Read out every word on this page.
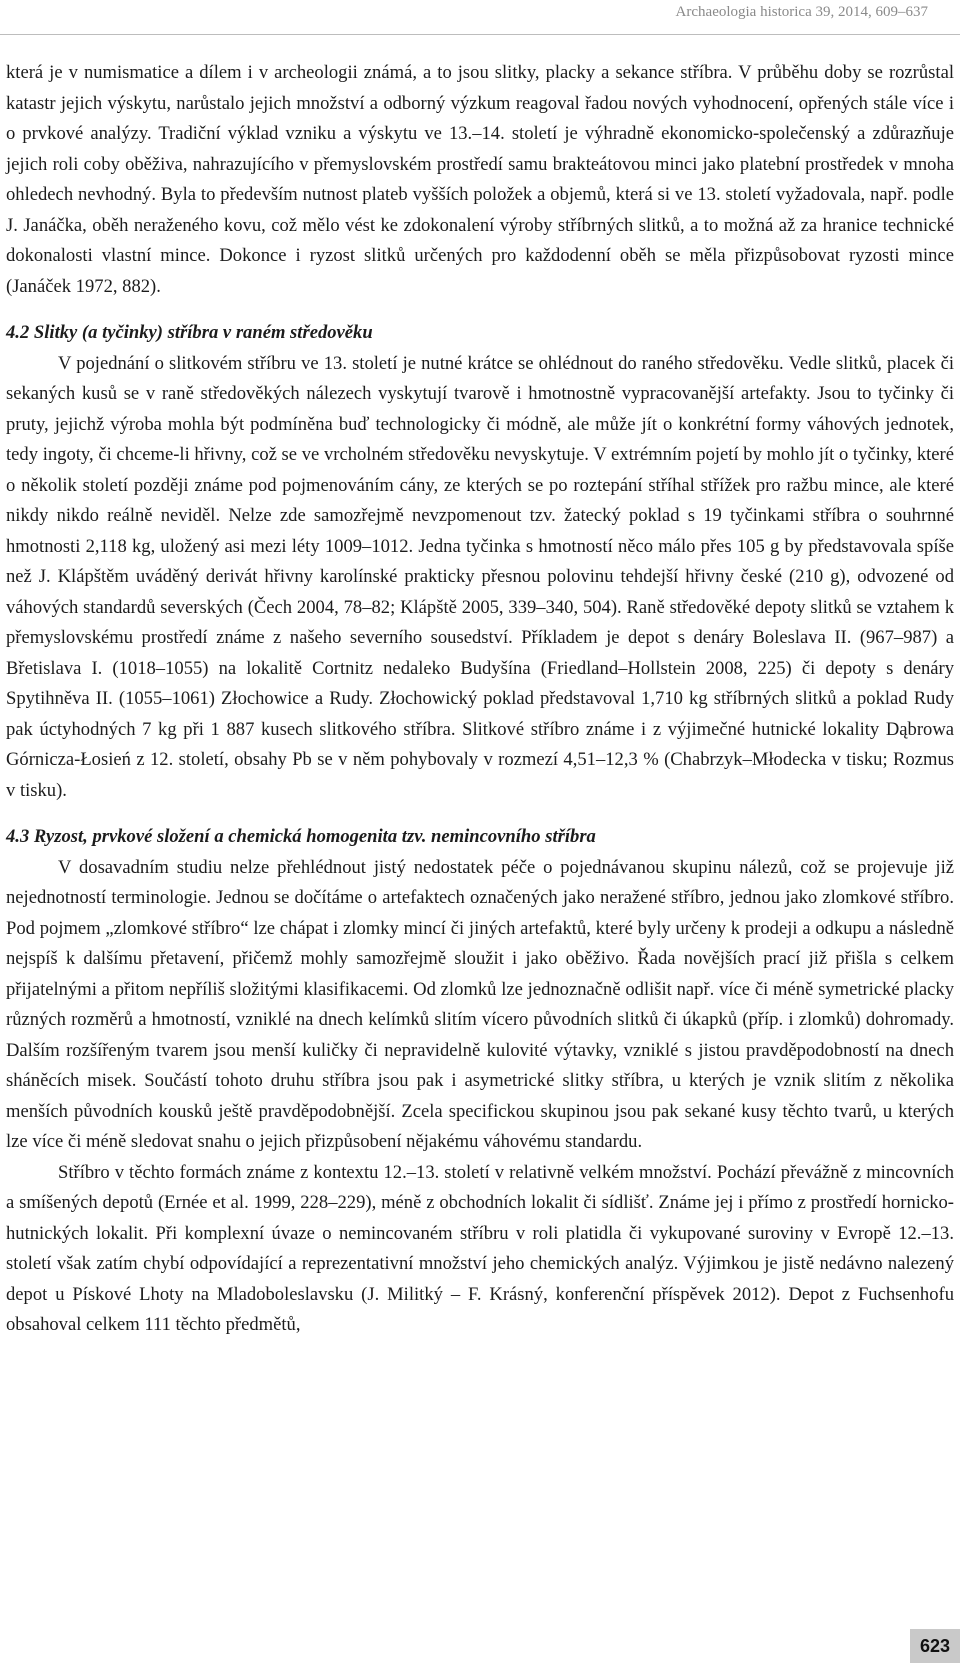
Archaeologia historica 39, 2014, 609–637

která je v numismatice a dílem i v archeologii známá, a to jsou slitky, placky a sekance stříbra. V průběhu doby se rozrůstal katastr jejich výskytu, narůstalo jejich množství a odborný výzkum reagoval řadou nových vyhodnocení, opřených stále více i o prvkové analýzy. Tradiční výklad vzniku a výskytu ve 13.–14. století je výhradně ekonomicko-společenský a zdůrazňuje jejich roli coby oběživa, nahrazujícího v přemyslovském prostředí samu brakteátovou minci jako platební prostředek v mnoha ohledech nevhodný. Byla to především nutnost plateb vyšších položek a objemů, která si ve 13. století vyžadovala, např. podle J. Janáčka, oběh neraženého kovu, což mělo vést ke zdokonalení výroby stříbrných slitků, a to možná až za hranice technické dokonalosti vlastní mince. Dokonce i ryzost slitků určených pro každodenní oběh se měla přizpůsobovat ryzosti mince (Janáček 1972, 882).

4.2 Slitky (a tyčinky) stříbra v raném středověku

V pojednání o slitkovém stříbru ve 13. století je nutné krátce se ohlédnout do raného středověku. Vedle slitků, placek či sekaných kusů se v raně středověkých nálezech vyskytují tvarově i hmotnostně vypracovanější artefakty. Jsou to tyčinky či pruty, jejichž výroba mohla být podmíněna buď technologicky či módně, ale může jít o konkrétní formy váhových jednotek, tedy ingoty, či chceme-li hřivny, což se ve vrcholném středověku nevyskytuje. V extrémním pojetí by mohlo jít o tyčinky, které o několik století později známe pod pojmenováním cány, ze kterých se po roztepání stříhal střížek pro ražbu mince, ale které nikdy nikdo reálně neviděl. Nelze zde samozřejmě nevzpomenout tzv. žatecký poklad s 19 tyčinkami stříbra o souhrnné hmotnosti 2,118 kg, uložený asi mezi léty 1009–1012. Jedna tyčinka s hmotností něco málo přes 105 g by představovala spíše než J. Klápštěm uváděný derivát hřivny karolínské prakticky přesnou polovinu tehdejší hřivny české (210 g), odvozené od váhových standardů severských (Čech 2004, 78–82; Klápště 2005, 339–340, 504). Raně středověké depoty slitků se vztahem k přemyslovskému prostředí známe z našeho severního sousedství. Příkladem je depot s denáry Boleslava II. (967–987) a Břetislava I. (1018–1055) na lokalitě Cortnitz nedaleko Budyšína (Friedland–Hollstein 2008, 225) či depoty s denáry Spytihněva II. (1055–1061) Złochowice a Rudy. Złochowický poklad představoval 1,710 kg stříbrných slitků a poklad Rudy pak úctyhodných 7 kg při 1 887 kusech slitkového stříbra. Slitkové stříbro známe i z výjimečné hutnické lokality Dąbrowa Górnicza-Łosień z 12. století, obsahy Pb se v něm pohybovaly v rozmezí 4,51–12,3 % (Chabrzyk–Młodecka v tisku; Rozmus v tisku).

4.3 Ryzost, prvkové složení a chemická homogenita tzv. nemincovního stříbra

V dosavadním studiu nelze přehlédnout jistý nedostatek péče o pojednávanou skupinu nálezů, což se projevuje již nejednotností terminologie. Jednou se dočítáme o artefaktech označených jako neražené stříbro, jednou jako zlomkové stříbro. Pod pojmem „zlomkové stříbro“ lze chápat i zlomky mincí či jiných artefaktů, které byly určeny k prodeji a odkupu a následně nejspíš k dalšímu přetavení, přičemž mohly samozřejmě sloužit i jako oběživo. Řada novějších prací již přišla s celkem přijatelnými a přitom nepříliš složitými klasifikacemi. Od zlomků lze jednoznačně odlišit např. více či méně symetrické placky různých rozměrů a hmotností, vzniklé na dnech kelímků slitím vícero původních slitků či úkapků (příp. i zlomků) dohromady. Dalším rozšířeným tvarem jsou menší kuličky či nepravidelně kulovité výtavky, vzniklé s jistou pravděpodobností na dnech sháněcích misek. Součástí tohoto druhu stříbra jsou pak i asymetrické slitky stříbra, u kterých je vznik slitím z několika menších původních kousků ještě pravděpodobnější. Zcela specifickou skupinou jsou pak sekané kusy těchto tvarů, u kterých lze více či méně sledovat snahu o jejich přizpůsobení nějakému váhovému standardu.

Stříbro v těchto formách známe z kontextu 12.–13. století v relativně velkém množství. Pochází převážně z mincovních a smíšených depotů (Ernée et al. 1999, 228–229), méně z obchodních lokalit či sídlišť. Známe jej i přímo z prostředí hornicko-hutnických lokalit. Při komplexní úvaze o nemincovaném stříbru v roli platidla či vykupované suroviny v Evropě 12.–13. století však zatím chybí odpovídající a reprezentativní množství jeho chemických analýz. Výjimkou je jistě nedávno nalezený depot u Pískové Lhoty na Mladoboleslavsku (J. Militký – F. Krásný, konferenční příspěvek 2012). Depot z Fuchsenhofu obsahoval celkem 111 těchto předmětů,

623
